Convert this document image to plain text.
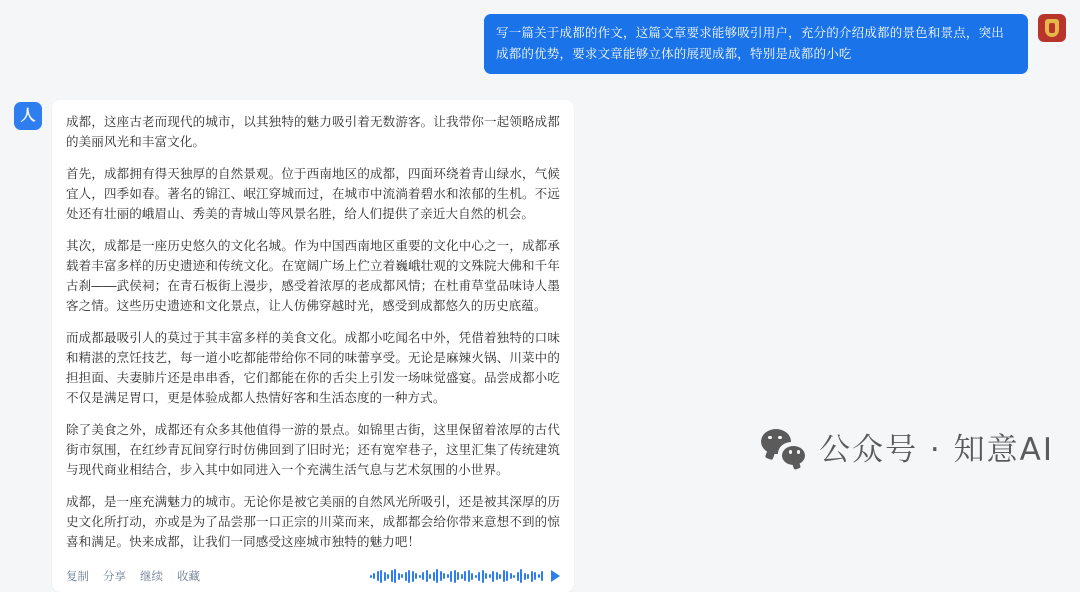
写一篇关于成都的作文，这篇文章要求能够吸引用户，充分的介绍成都的景色和景点，突出成都的优势，要求文章能够立体的展现成都，特别是成都的小吃
人	成都，这座古老而现代的城市，以其独特的魅力吸引着无数游客。让我带你一起领略成都的美丽风光和丰富文化。

首先，成都拥有得天独厚的自然景观。位于西南地区的成都，四面环绕着青山绿水，气候宜人，四季如春。著名的锦江、岷江穿城而过，在城市中流淌着碧水和浓郁的生机。不远处还有壮丽的峨眉山、秀美的青城山等风景名胜，给人们提供了亲近大自然的机会。

其次，成都是一座历史悠久的文化名城。作为中国西南地区重要的文化中心之一，成都承载着丰富多样的历史遗迹和传统文化。在宽阔广场上伫立着巍峨壮观的文殊院大佛和千年古刹——武侯祠；在青石板街上漫步，感受着浓厚的老成都风情；在杜甫草堂品味诗人墨客之情。这些历史遗迹和文化景点，让人仿佛穿越时光，感受到成都悠久的历史底蕴。

而成都最吸引人的莫过于其丰富多样的美食文化。成都小吃闻名中外，凭借着独特的口味和精湛的烹饪技艺，每一道小吃都能带给你不同的味蕾享受。无论是麻辣火锅、川菜中的担担面、夫妻肺片还是串串香，它们都能在你的舌尖上引发一场味觉盛宴。品尝成都小吃不仅是满足胃口，更是体验成都人热情好客和生活态度的一种方式。

除了美食之外，成都还有众多其他值得一游的景点。如锦里古街，这里保留着浓厚的古代街市氛围，在红纱青瓦间穿行时仿佛回到了旧时光；还有宽窄巷子，这里汇集了传统建筑与现代商业相结合，步入其中如同进入一个充满生活气息与艺术氛围的小世界。

成都，是一座充满魅力的城市。无论你是被它美丽的自然风光所吸引，还是被其深厚的历史文化所打动，亦或是为了品尝那一口正宗的川菜而来，成都都会给你带来意想不到的惊喜和满足。快来成都，让我们一同感受这座城市独特的魅力吧！

复制 分享 继续 收藏
公众号 · 知意AI
